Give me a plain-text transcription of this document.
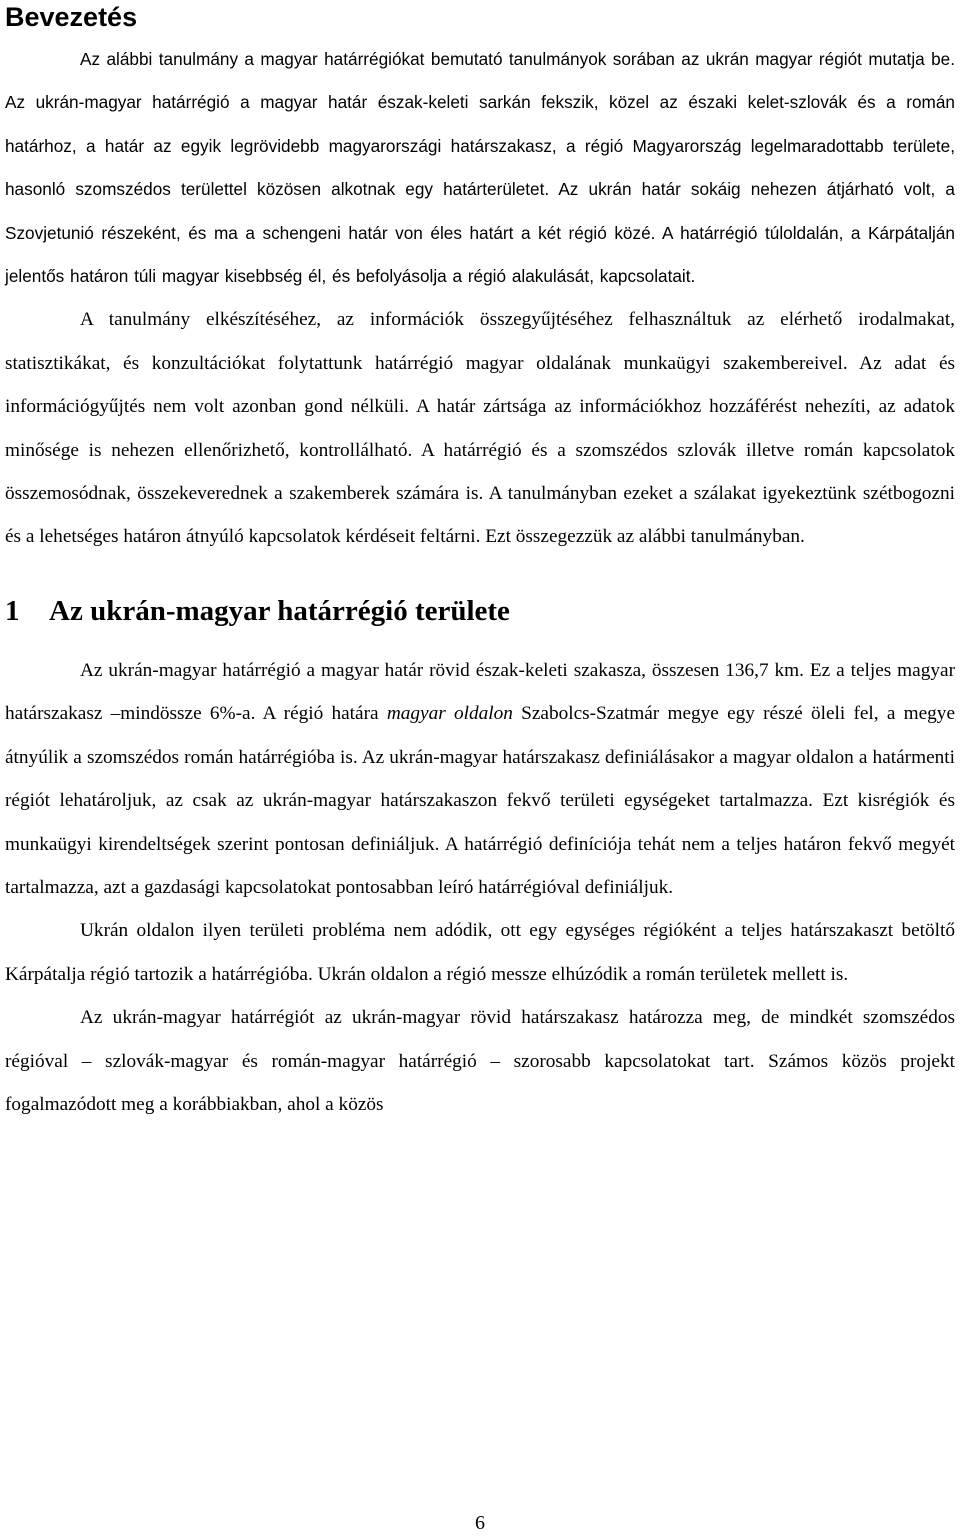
Bevezetés

Az alábbi tanulmány a magyar határrégiókat bemutató tanulmányok sorában az ukrán magyar régiót mutatja be. Az ukrán-magyar határrégió a magyar határ észak-keleti sarkán fekszik, közel az északi kelet-szlovák és a román határhoz, a határ az egyik legrövidebb magyarországi határszakasz, a régió Magyarország legelmaradottabb területe, hasonló szomszédos területtel közösen alkotnak egy határterületet. Az ukrán határ sokáig nehezen átjárható volt, a Szovjetunió részeként, és ma a schengeni határ von éles határt a két régió közé. A határrégió túloldalán, a Kárpátalján jelentős határon túli magyar kisebbség él, és befolyásolja a régió alakulását, kapcsolatait.

A tanulmány elkészítéséhez, az információk összegyűjtéséhez felhasználtuk az elérhető irodalmakat, statisztikákat, és konzultációkat folytattunk határrégió magyar oldalának munkaügyi szakembereivel. Az adat és információgyűjtés nem volt azonban gond nélküli. A határ zártsága az információkhoz hozzáférést nehezíti, az adatok minősége is nehezen ellenőrizhető, kontrollálható. A határrégió és a szomszédos szlovák illetve román kapcsolatok összemosódnak, összekeverednek a szakemberek számára is. A tanulmányban ezeket a szálakat igyekeztünk szétbogozni és a lehetséges határon átnyúló kapcsolatok kérdéseit feltárni. Ezt összegezzük az alábbi tanulmányban.

1 Az ukrán-magyar határrégió területe

Az ukrán-magyar határrégió a magyar határ rövid észak-keleti szakasza, összesen 136,7 km. Ez a teljes magyar határszakasz –mindössze 6%-a. A régió határa magyar oldalon Szabolcs-Szatmár megye egy részé öleli fel, a megye átnyúlik a szomszédos román határrégióba is. Az ukrán-magyar határszakasz definiálásakor a magyar oldalon a határmenti régiót lehatároljuk, az csak az ukrán-magyar határszakaszon fekvő területi egységeket tartalmazza. Ezt kisrégiók és munkaügyi kirendeltségek szerint pontosan definiáljuk. A határrégió definíciója tehát nem a teljes határon fekvő megyét tartalmazza, azt a gazdasági kapcsolatokat pontosabban leíró határrégióval definiáljuk.

Ukrán oldalon ilyen területi probléma nem adódik, ott egy egységes régióként a teljes határszakaszt betöltő Kárpátalja régió tartozik a határrégióba. Ukrán oldalon a régió messze elhúzódik a román területek mellett is.

Az ukrán-magyar határrégiót az ukrán-magyar rövid határszakasz határozza meg, de mindkét szomszédos régióval – szlovák-magyar és román-magyar határrégió – szorosabb kapcsolatokat tart. Számos közös projekt fogalmazódott meg a korábbiakban, ahol a közös

6
